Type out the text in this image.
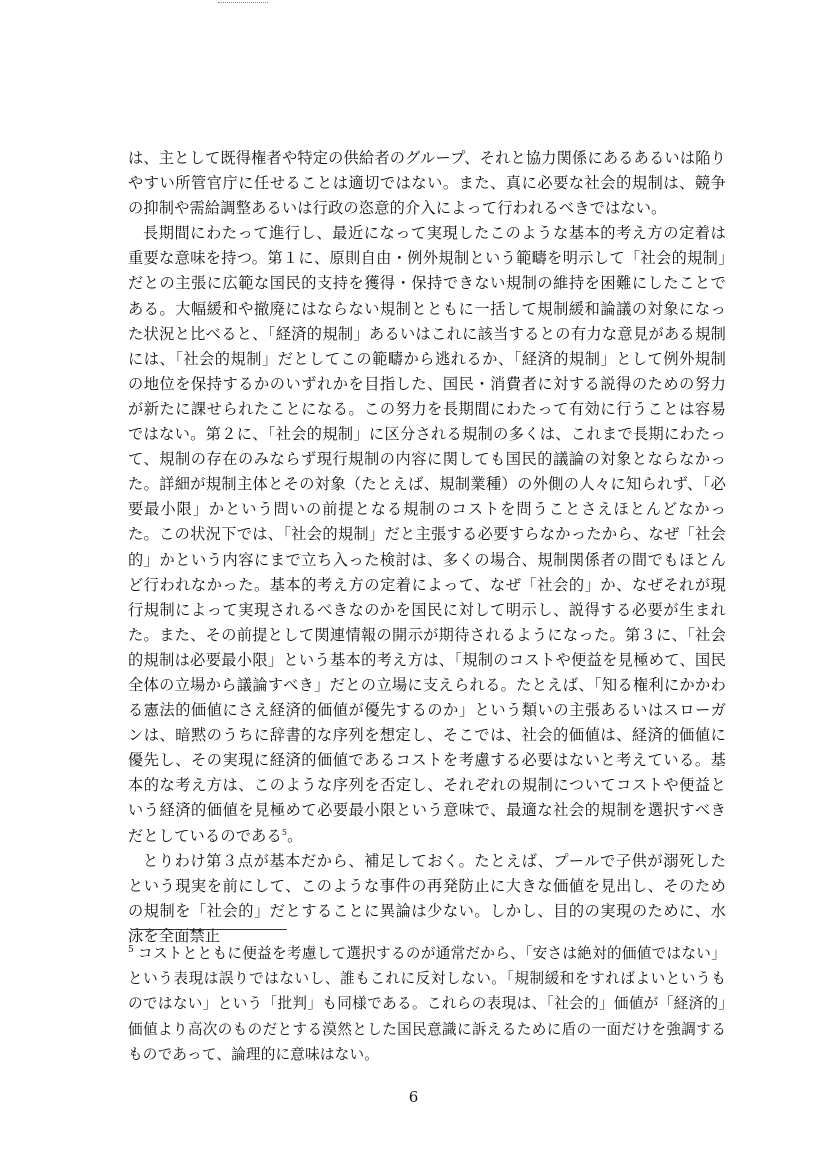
は、主として既得権者や特定の供給者のグループ、それと協力関係にあるあるいは陥りやすい所管官庁に任せることは適切ではない。また、真に必要な社会的規制は、競争の抑制や需給調整あるいは行政の恣意的介入によって行われるべきではない。

長期間にわたって進行し、最近になって実現したこのような基本的考え方の定着は重要な意味を持つ。第１に、原則自由・例外規制という範疇を明示して「社会的規制」だとの主張に広範な国民的支持を獲得・保持できない規制の維持を困難にしたことである。大幅緩和や撤廃にはならない規制とともに一括して規制緩和論議の対象になった状況と比べると、「経済的規制」あるいはこれに該当するとの有力な意見がある規制には、「社会的規制」だとしてこの範疇から逃れるか、「経済的規制」として例外規制の地位を保持するかのいずれかを目指した、国民・消費者に対する説得のための努力が新たに課せられたことになる。この努力を長期間にわたって有効に行うことは容易ではない。第２に、「社会的規制」に区分される規制の多くは、これまで長期にわたって、規制の存在のみならず現行規制の内容に関しても国民的議論の対象とならなかった。詳細が規制主体とその対象（たとえば、規制業種）の外側の人々に知られず、「必要最小限」かという問いの前提となる規制のコストを問うことさえほとんどなかった。この状況下では、「社会的規制」だと主張する必要すらなかったから、なぜ「社会的」かという内容にまで立ち入った検討は、多くの場合、規制関係者の間でもほとんど行われなかった。基本的考え方の定着によって、なぜ「社会的」か、なぜそれが現行規制によって実現されるべきなのかを国民に対して明示し、説得する必要が生まれた。また、その前提として関連情報の開示が期待されるようになった。第３に、「社会的規制は必要最小限」という基本的考え方は、「規制のコストや便益を見極めて、国民全体の立場から議論すべき」だとの立場に支えられる。たとえば、「知る権利にかかわる憲法的価値にさえ経済的価値が優先するのか」という類いの主張あるいはスローガンは、暗黙のうちに辞書的な序列を想定し、そこでは、社会的価値は、経済的価値に優先し、その実現に経済的価値であるコストを考慮する必要はないと考えている。基本的な考え方は、このような序列を否定し、それぞれの規制についてコストや便益という経済的価値を見極めて必要最小限という意味で、最適な社会的規制を選択すべきだとしているのである$^5$。

とりわけ第３点が基本だから、補足しておく。たとえば、プールで子供が溺死したという現実を前にして、このような事件の再発防止に大きな価値を見出し、そのための規制を「社会的」だとすることに異論は少ない。しかし、目的の実現のために、水泳を全面禁止

$^5$ コストとともに便益を考慮して選択するのが通常だから、「安さは絶対的価値ではない」という表現は誤りではないし、誰もこれに反対しない。「規制緩和をすればよいというものではない」という「批判」も同様である。これらの表現は、「社会的」価値が「経済的」価値より高次のものだとする漠然とした国民意識に訴えるために盾の一面だけを強調するものであって、論理的に意味はない。
6
